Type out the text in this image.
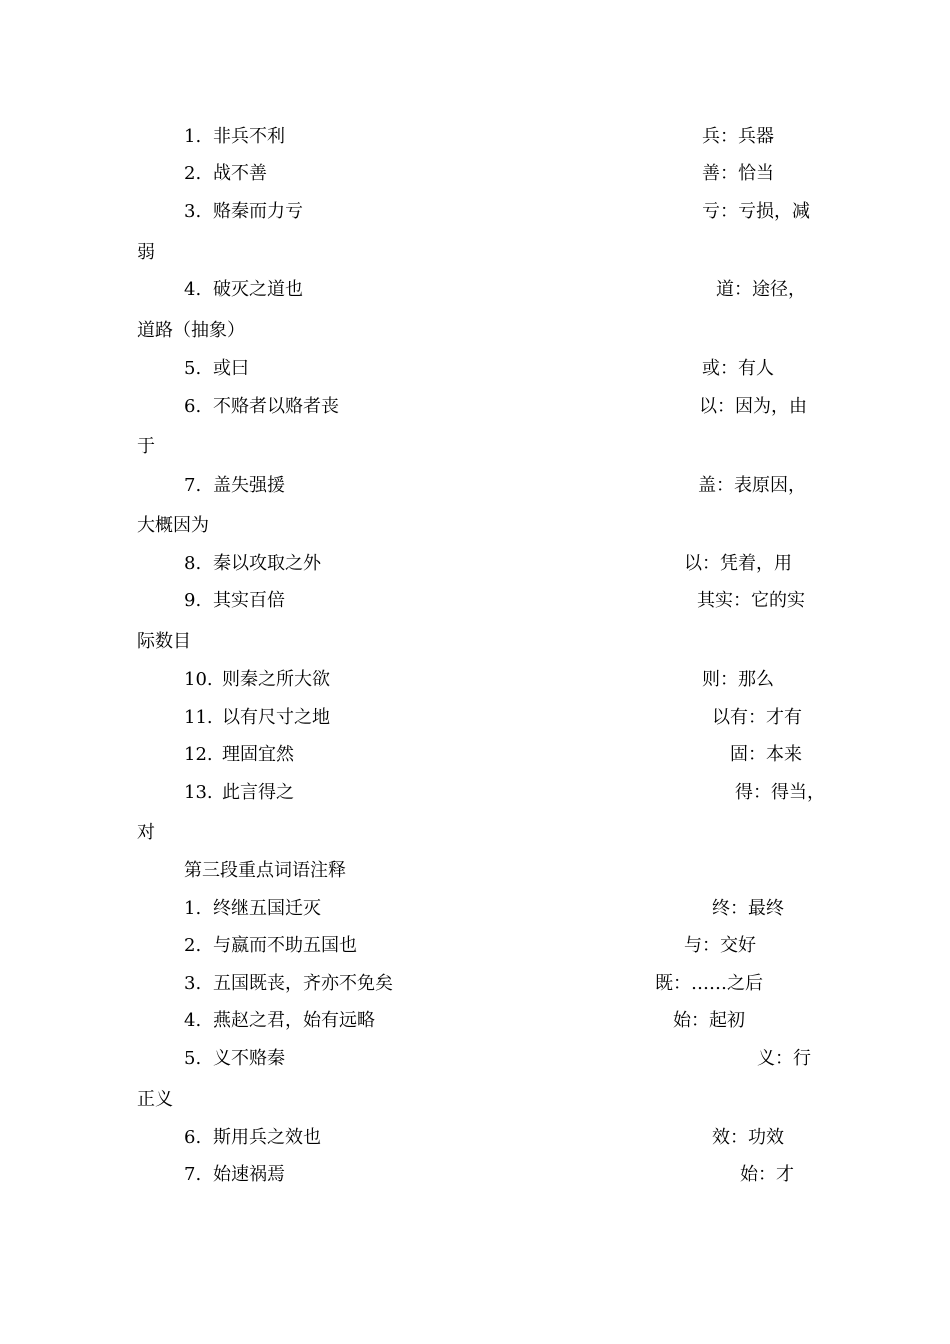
1. 非兵不利	兵：兵器
2. 战不善	善：恰当
3. 赂秦而力亏	亏：亏损，减
弱
4. 破灭之道也	道：途径，
道路（抽象）
5. 或曰	或：有人
6. 不赂者以赂者丧	以：因为，由
于
7. 盖失强援	盖：表原因，
大概因为
8. 秦以攻取之外	以：凭着，用
9. 其实百倍	其实：它的实
际数目
10. 则秦之所大欲	则：那么
11. 以有尺寸之地	以有：才有
12. 理固宜然	固：本来
13. 此言得之	得：得当，
对
第三段重点词语注释
1. 终继五国迁灭	终：最终
2. 与嬴而不助五国也	与：交好
3. 五国既丧，齐亦不免矣	既：……之后
4. 燕赵之君，始有远略	始：起初
5. 义不赂秦	义：行
正义
6. 斯用兵之效也	效：功效
7. 始速祸焉	始：才
